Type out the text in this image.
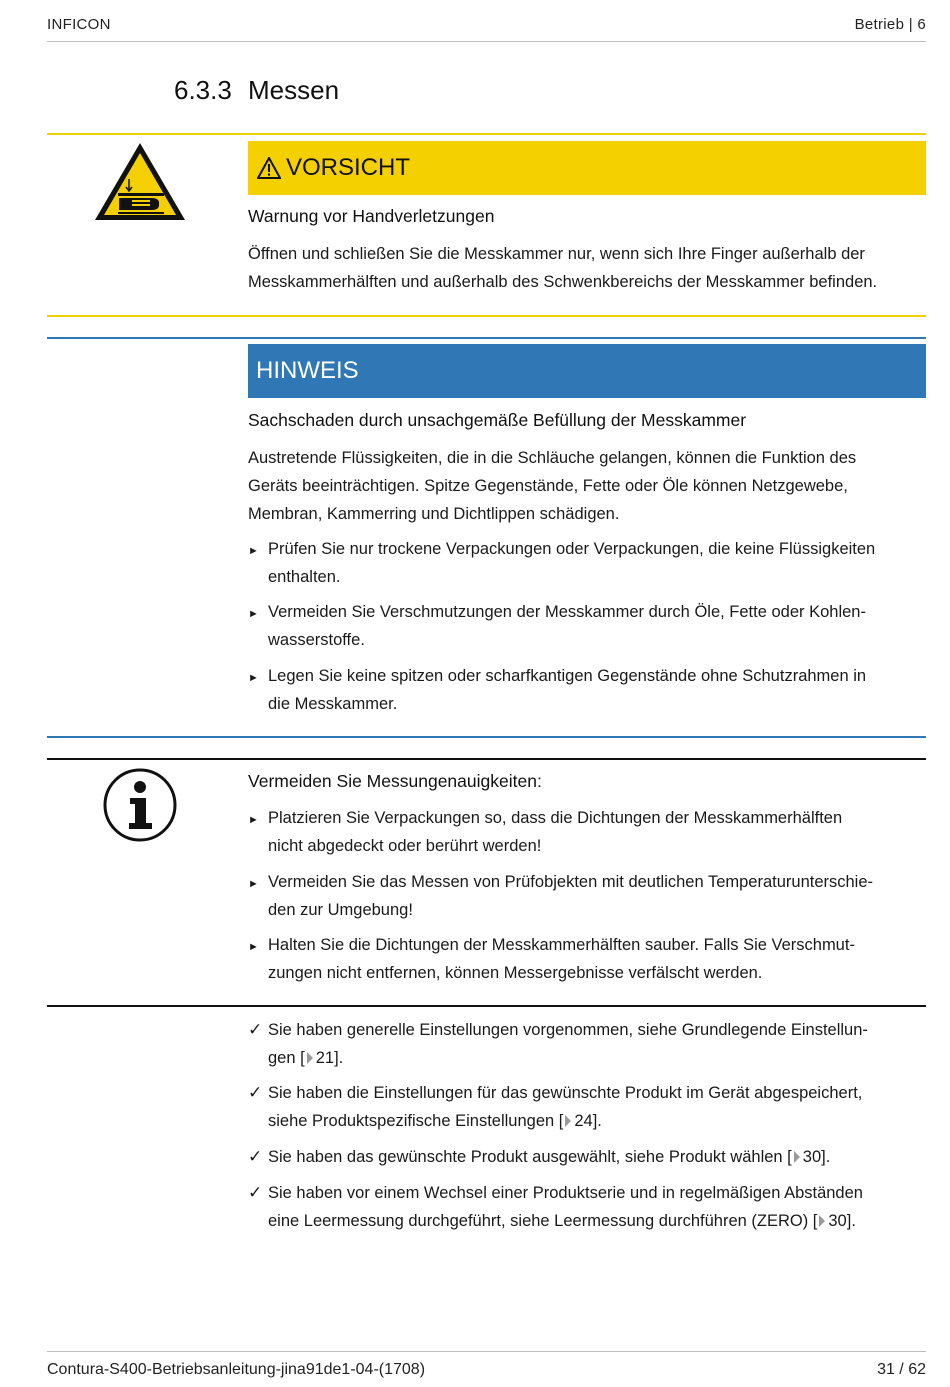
INFICON	Betrieb | 6
6.3.3 Messen
VORSICHT
Warnung vor Handverletzungen
Öffnen und schließen Sie die Messkammer nur, wenn sich Ihre Finger außerhalb der
Messkammerhälften und außerhalb des Schwenkbereichs der Messkammer befinden.
HINWEIS
Sachschaden durch unsachgemäße Befüllung der Messkammer
Austretende Flüssigkeiten, die in die Schläuche gelangen, können die Funktion des
Geräts beeinträchtigen. Spitze Gegenstände, Fette oder Öle können Netzgewebe,
Membran, Kammerring und Dichtlippen schädigen.
► Prüfen Sie nur trockene Verpackungen oder Verpackungen, die keine Flüssigkeiten
enthalten.
► Vermeiden Sie Verschmutzungen der Messkammer durch Öle, Fette oder Kohlen-
wasserstoffe.
► Legen Sie keine spitzen oder scharfkantigen Gegenstände ohne Schutzrahmen in
die Messkammer.
Vermeiden Sie Messungenauigkeiten:
► Platzieren Sie Verpackungen so, dass die Dichtungen der Messkammerhälften
nicht abgedeckt oder berührt werden!
► Vermeiden Sie das Messen von Prüfobjekten mit deutlichen Temperaturunterschie-
den zur Umgebung!
► Halten Sie die Dichtungen der Messkammerhälften sauber. Falls Sie Verschmut-
zungen nicht entfernen, können Messergebnisse verfälscht werden.
✓ Sie haben generelle Einstellungen vorgenommen, siehe Grundlegende Einstellun-
gen [ 21].
✓ Sie haben die Einstellungen für das gewünschte Produkt im Gerät abgespeichert,
siehe Produktspezifische Einstellungen [ 24].
✓ Sie haben das gewünschte Produkt ausgewählt, siehe Produkt wählen [ 30].
✓ Sie haben vor einem Wechsel einer Produktserie und in regelmäßigen Abständen
eine Leermessung durchgeführt, siehe Leermessung durchführen (ZERO) [ 30].
Contura-S400-Betriebsanleitung-jina91de1-04-(1708)	31 / 62
